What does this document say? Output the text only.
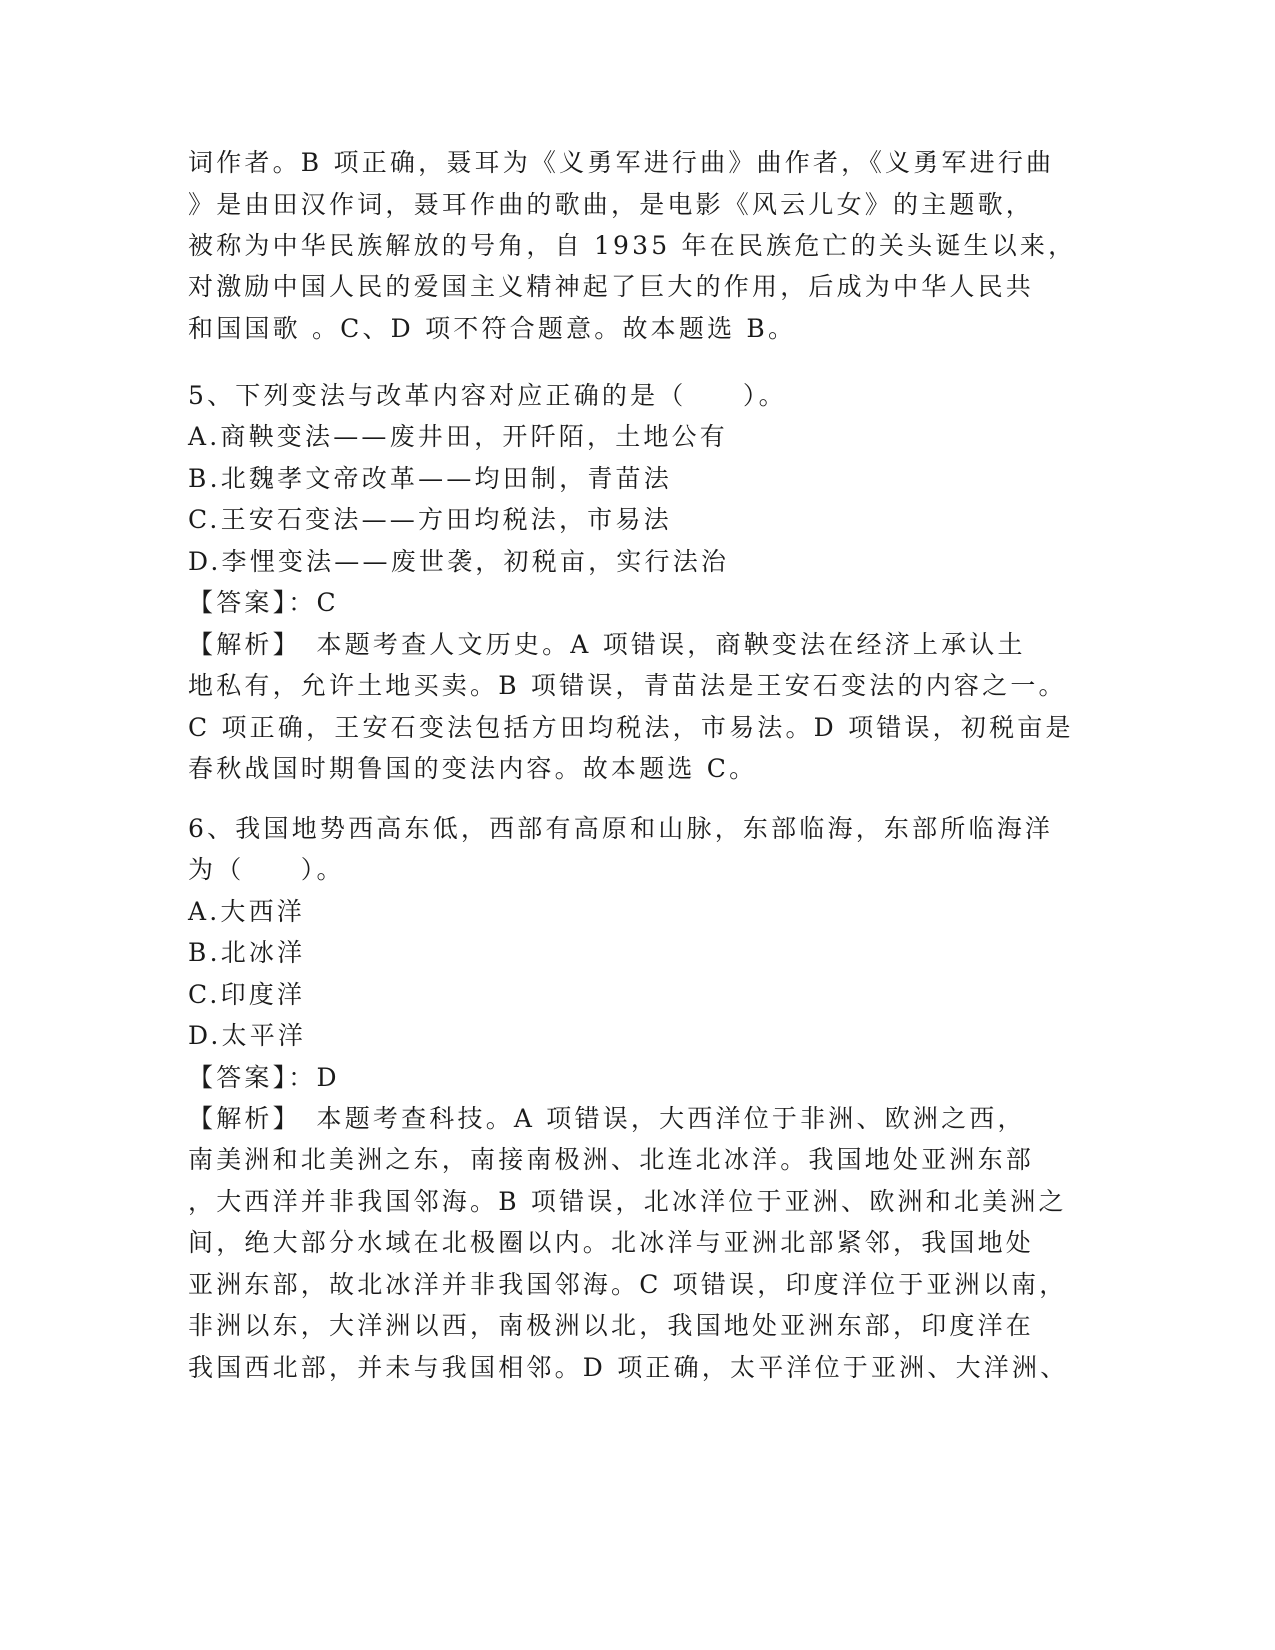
词作者。B 项正确，聂耳为《义勇军进行曲》曲作者，《义勇军进行曲
》是由田汉作词，聂耳作曲的歌曲，是电影《风云儿女》的主题歌，
被称为中华民族解放的号角，自 1935 年在民族危亡的关头诞生以来，
对激励中国人民的爱国主义精神起了巨大的作用，后成为中华人民共
和国国歌 。C、D 项不符合题意。故本题选 B。
5、下列变法与改革内容对应正确的是（　　）。
A.商鞅变法——废井田，开阡陌，土地公有
B.北魏孝文帝改革——均田制，青苗法
C.王安石变法——方田均税法，市易法
D.李悝变法——废世袭，初税亩，实行法治
【答案】：C
【解析】　本题考查人文历史。A 项错误，商鞅变法在经济上承认土
地私有，允许土地买卖。B 项错误，青苗法是王安石变法的内容之一。
C 项正确，王安石变法包括方田均税法，市易法。D 项错误，初税亩是
春秋战国时期鲁国的变法内容。故本题选 C。
6、我国地势西高东低，西部有高原和山脉，东部临海，东部所临海洋
为（　　）。
A.大西洋
B.北冰洋
C.印度洋
D.太平洋
【答案】：D
【解析】　本题考查科技。A 项错误，大西洋位于非洲、欧洲之西，
南美洲和北美洲之东，南接南极洲、北连北冰洋。我国地处亚洲东部
，大西洋并非我国邻海。B 项错误，北冰洋位于亚洲、欧洲和北美洲之
间，绝大部分水域在北极圈以内。北冰洋与亚洲北部紧邻，我国地处
亚洲东部，故北冰洋并非我国邻海。C 项错误，印度洋位于亚洲以南，
非洲以东，大洋洲以西，南极洲以北，我国地处亚洲东部，印度洋在
我国西北部，并未与我国相邻。D 项正确，太平洋位于亚洲、大洋洲、
